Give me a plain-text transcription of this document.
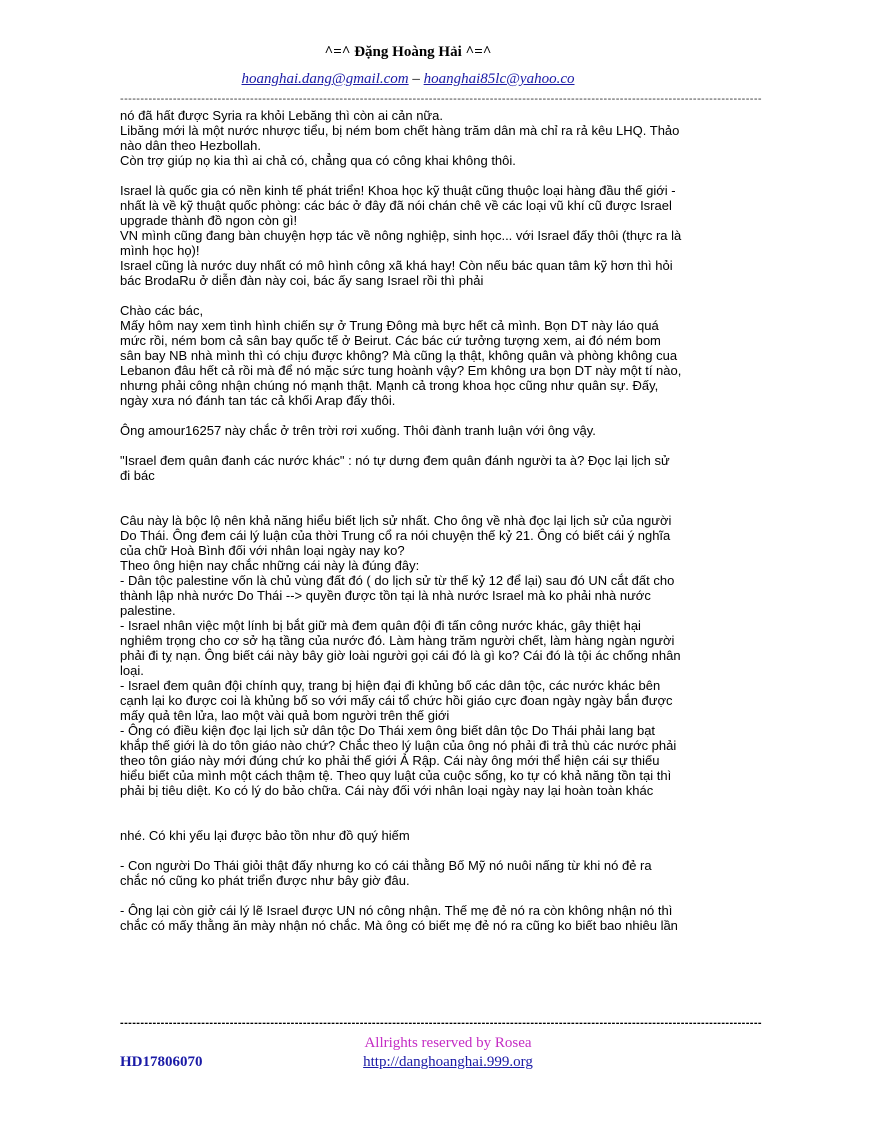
^=^ Đặng Hoàng Hải ^=^
hoanghai.dang@gmail.com – hoanghai85lc@yahoo.co
--------------------------------------------------------------------------------------------------------------------------------------------------------------
nó đã hất được Syria ra khỏi Lebăng thì còn ai cản nữa.
Libăng mới là một nước nhược tiểu, bị ném bom chết hàng trăm dân mà chỉ ra rả kêu LHQ. Thảo
nào dân theo Hezbollah.
Còn trợ giúp nọ kia thì ai chả có, chẳng qua có công khai không thôi.
Israel là quốc gia có nền kinh tế phát triển! Khoa học kỹ thuật cũng thuộc loại hàng đầu thế giới -
nhất là về kỹ thuật quốc phòng: các bác ở đây đã nói chán chê về các loại vũ khí cũ được Israel
upgrade thành đồ ngon còn gì!
VN mình cũng đang bàn chuyện hợp tác về nông nghiệp, sinh học... với Israel đấy thôi (thực ra là
mình học họ)!
Israel cũng là nước duy nhất có mô hình công xã khá hay! Còn nếu bác quan tâm kỹ hơn thì hỏi
bác BrodaRu ở diễn đàn này coi, bác ấy sang Israel rồi thì phải
Chào các bác,
Mấy hôm nay xem tình hình chiến sự ở Trung Đông mà bực hết cả mình. Bọn DT này láo quá
mức rồi, ném bom cả sân bay quốc tế ở Beirut. Các bác cứ tưởng tượng xem, ai đó ném bom
sân bay NB nhà mình thì có chịu được không? Mà cũng lạ thật, không quân và phòng không cua
Lebanon đâu hết cả rồi mà để nó mặc sức tung hoành vậy? Em không ưa bọn DT này một tí nào,
nhưng phải công nhận chúng nó mạnh thật. Mạnh cả trong khoa học cũng như quân sự. Đấy,
ngày xưa nó đánh tan tác cả khối Arap đấy thôi.
Ông amour16257 này chắc ở trên trời rơi xuống. Thôi đành tranh luận với ông vậy.
"Israel đem quân đanh các nước khác" : nó tự dưng đem quân đánh người ta à? Đọc lại lịch sử
đi bác
Câu này là bộc lộ nên khả năng hiểu biết lịch sử nhất. Cho ông về nhà đọc lại lịch sử của người
Do Thái. Ông đem cái lý luận của thời Trung cổ ra nói chuyện thế kỷ 21. Ông có biết cái ý nghĩa
của chữ Hoà Bình đối với nhân loại ngày nay ko?
Theo ông hiện nay chắc những cái này là đúng đây:
- Dân tộc palestine vốn là chủ vùng đất đó ( do lịch sử từ thế kỷ 12 để lại) sau đó UN cắt đất cho
thành lập nhà nước Do Thái --> quyền được tồn tại là nhà nước Israel mà ko phải nhà nước
palestine.
- Israel nhân việc một lính bị bắt giữ mà đem quân đội đi tấn công nước khác, gây thiệt hại
nghiêm trọng cho cơ sở hạ tầng của nước đó. Làm hàng trăm người chết, làm hàng ngàn người
phải đi tỵ nạn. Ông biết cái này bây giờ loài người gọi cái đó là gì ko? Cái đó là tội ác chống nhân
loại.
- Israel đem quân đội chính quy, trang bị hiện đại đi khủng bố các dân tộc, các nước khác bên
cạnh lại ko được coi là khủng bố so với mấy cái tổ chức hồi giáo cực đoan ngày ngày bắn được
mấy quả tên lửa, lao một vài quả bom người trên thế giới
- Ông có điều kiện đọc lại lịch sử dân tộc Do Thái xem ông biết dân tộc Do Thái phải lang bạt
khắp thế giới là do tôn giáo nào chứ? Chắc theo lý luận của ông nó phải đi trả thù các nước phải
theo tôn giáo này mới đúng chứ ko phải thế giới Ả Rập. Cái này ông mới thể hiện cái sự thiếu
hiểu biết của mình một cách thậm tệ. Theo quy luật của cuộc sống, ko tự có khả năng tồn tại thì
phải bị tiêu diệt. Ko có lý do bảo chữa. Cái này đối với nhân loại ngày nay lại hoàn toàn khác
nhé. Có khi yếu lại được bảo tồn như đồ quý hiếm
- Con người Do Thái giỏi thật đấy nhưng ko có cái thằng Bố Mỹ nó nuôi nấng từ khi nó đẻ ra
chắc nó cũng ko phát triển được như bây giờ đâu.
- Ông lại còn giở cái lý lẽ Israel được UN nó công nhận. Thế mẹ đẻ nó ra còn không nhận nó thì
chắc có mấy thằng ăn mày nhận nó chắc. Mà ông có biết mẹ đẻ nó ra cũng ko biết bao nhiêu lần
--------------------------------------------------------------------------------------------------------------------------------------------------------------
Allrights reserved by Rosea
HD17806070	http://danghoanghai.999.org
